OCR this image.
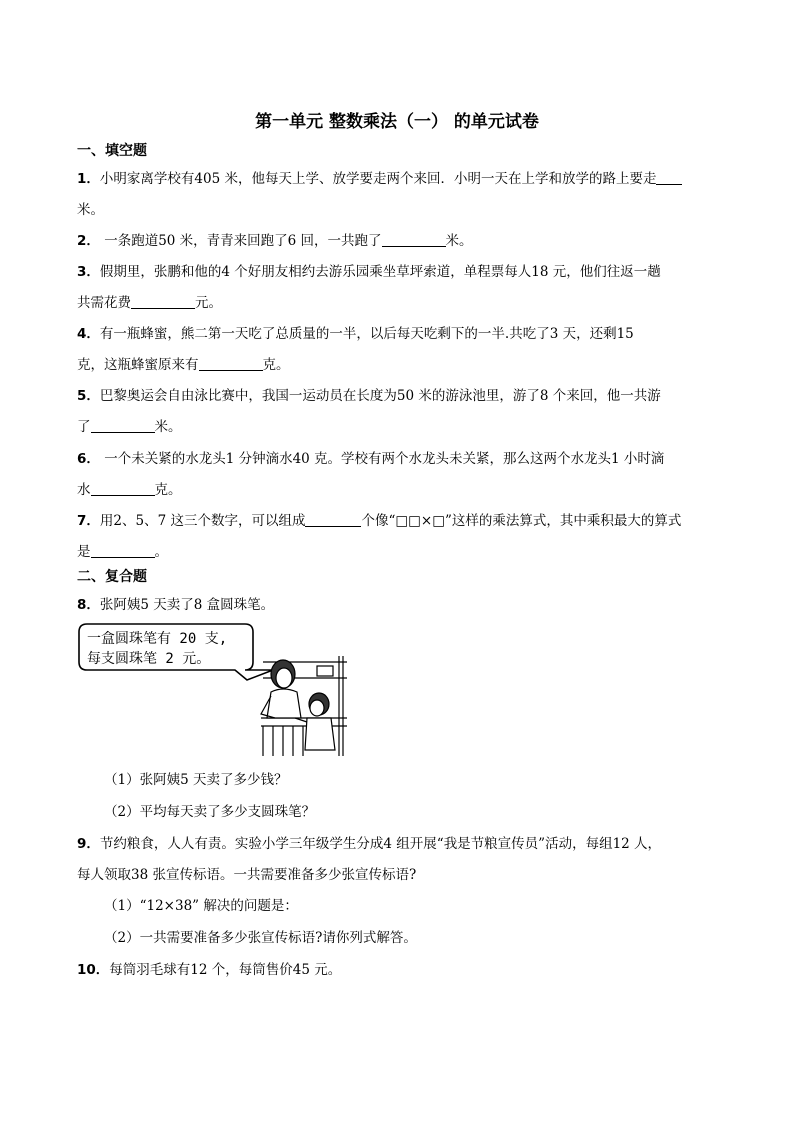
第一单元 整数乘法（一） 的单元试卷
一、填空题
1．小明家离学校有405 米，他每天上学、放学要走两个来回．小明一天在上学和放学的路上要走
米。
2． 一条跑道50 米，青青来回跑了6 回，一共跑了	米。
3．假期里，张鹏和他的4 个好朋友相约去游乐园乘坐草坪索道，单程票每人18 元，他们往返一趟
共需花费	元。
4．有一瓶蜂蜜，熊二第一天吃了总质量的一半，以后每天吃剩下的一半.共吃了3 天，还剩15
克，这瓶蜂蜜原来有	克。
5．巴黎奥运会自由泳比赛中，我国一运动员在长度为50 米的游泳池里，游了8 个来回，他一共游
了	米。
6． 一个未关紧的水龙头1 分钟滴水40 克。学校有两个水龙头未关紧，那么这两个水龙头1 小时滴
水	克。
7．用2、5、7 这三个数字，可以组成	个像“□□×□”这样的乘法算式，其中乘积最大的算式
是	。
二、复合题
8．张阿姨5 天卖了8 盒圆珠笔。
一盒圆珠笔有 20 支,
每支圆珠笔 2 元。
（1）张阿姨5 天卖了多少钱？
（2）平均每天卖了多少支圆珠笔？
9．节约粮食，人人有责。实验小学三年级学生分成4 组开展“我是节粮宣传员”活动，每组12 人，
每人领取38 张宣传标语。一共需要准备多少张宣传标语?
（1）“12×38” 解决的问题是：
（2）一共需要准备多少张宣传标语?请你列式解答。
10．每筒羽毛球有12 个，每筒售价45 元。
